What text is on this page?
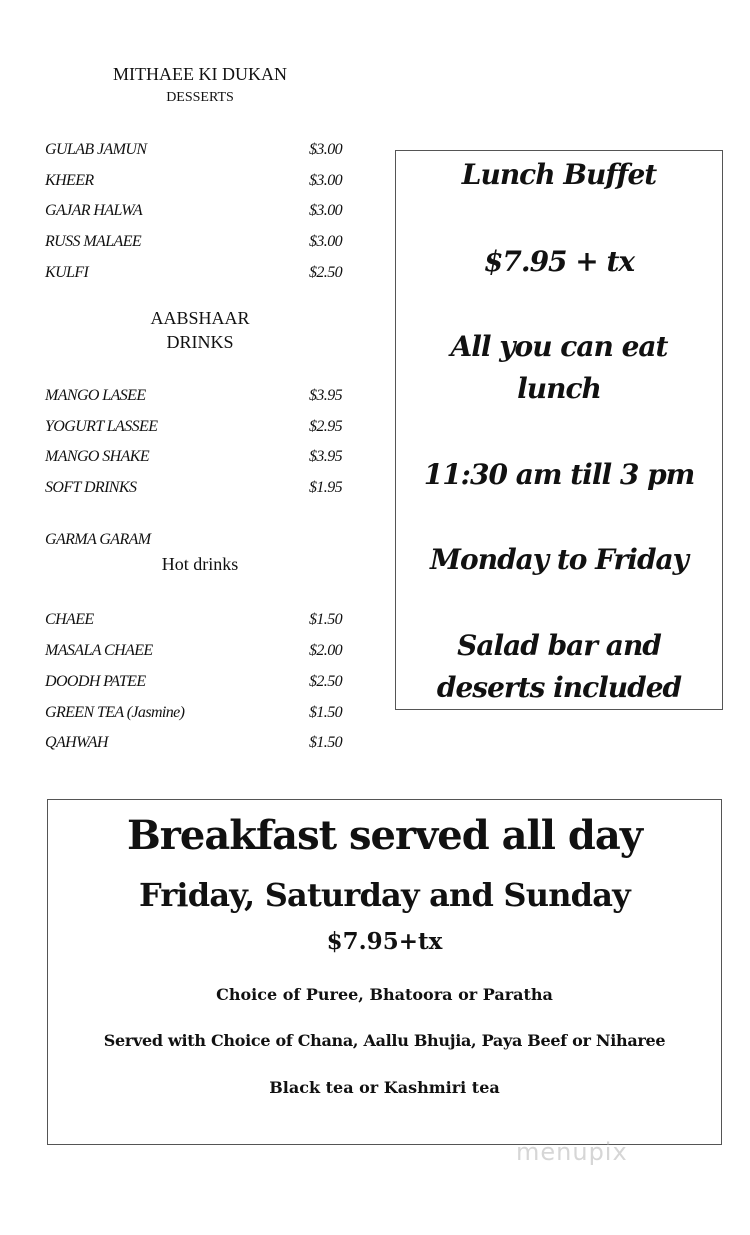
MITHAEE KI DUKAN
DESSERTS
GULAB JAMUN	$3.00
KHEER	$3.00
GAJAR HALWA	$3.00
RUSS MALAEE	$3.00
KULFI	$2.50
AABSHAAR
DRINKS
MANGO LASEE	$3.95
YOGURT LASSEE	$2.95
MANGO SHAKE	$3.95
SOFT DRINKS	$1.95
GARMA GARAM
Hot drinks
CHAEE	$1.50
MASALA CHAEE	$2.00
DOODH PATEE	$2.50
GREEN TEA (Jasmine)	$1.50
QAHWAH	$1.50
Lunch Buffet
$7.95 + tx
All you can eat
lunch
11:30 am till 3 pm
Monday to Friday
Salad bar and
deserts included
Breakfast served all day
Friday, Saturday and Sunday
$7.95+tx
Choice of Puree, Bhatoora or Paratha
Served with Choice of Chana, Aallu Bhujia, Paya Beef or Niharee
Black tea or Kashmiri tea
menupix
